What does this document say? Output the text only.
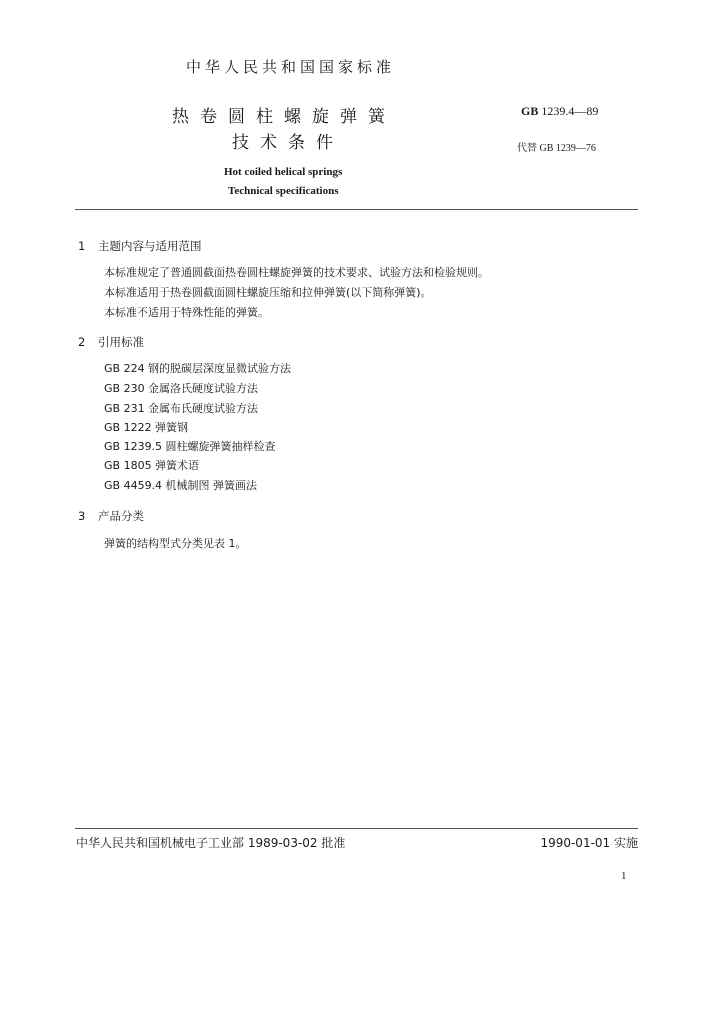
中华人民共和国国家标准
热卷圆柱螺旋弹簧
技术条件
GB 1239.4—89
代替 GB 1239—76
Hot coiled helical springs
Technical specifications
1 主题内容与适用范围
本标准规定了普通圆截面热卷圆柱螺旋弹簧的技术要求、试验方法和检验规则。
本标准适用于热卷圆截面圆柱螺旋压缩和拉伸弹簧(以下简称弹簧)。
本标准不适用于特殊性能的弹簧。
2 引用标准
GB 224 钢的脱碳层深度显微试验方法
GB 230 金属洛氏硬度试验方法
GB 231 金属布氏硬度试验方法
GB 1222 弹簧钢
GB 1239.5 圆柱螺旋弹簧抽样检查
GB 1805 弹簧术语
GB 4459.4 机械制图 弹簧画法
3 产品分类
弹簧的结构型式分类见表 1。
中华人民共和国机械电子工业部 1989-03-02 批准	1990-01-01 实施
1
